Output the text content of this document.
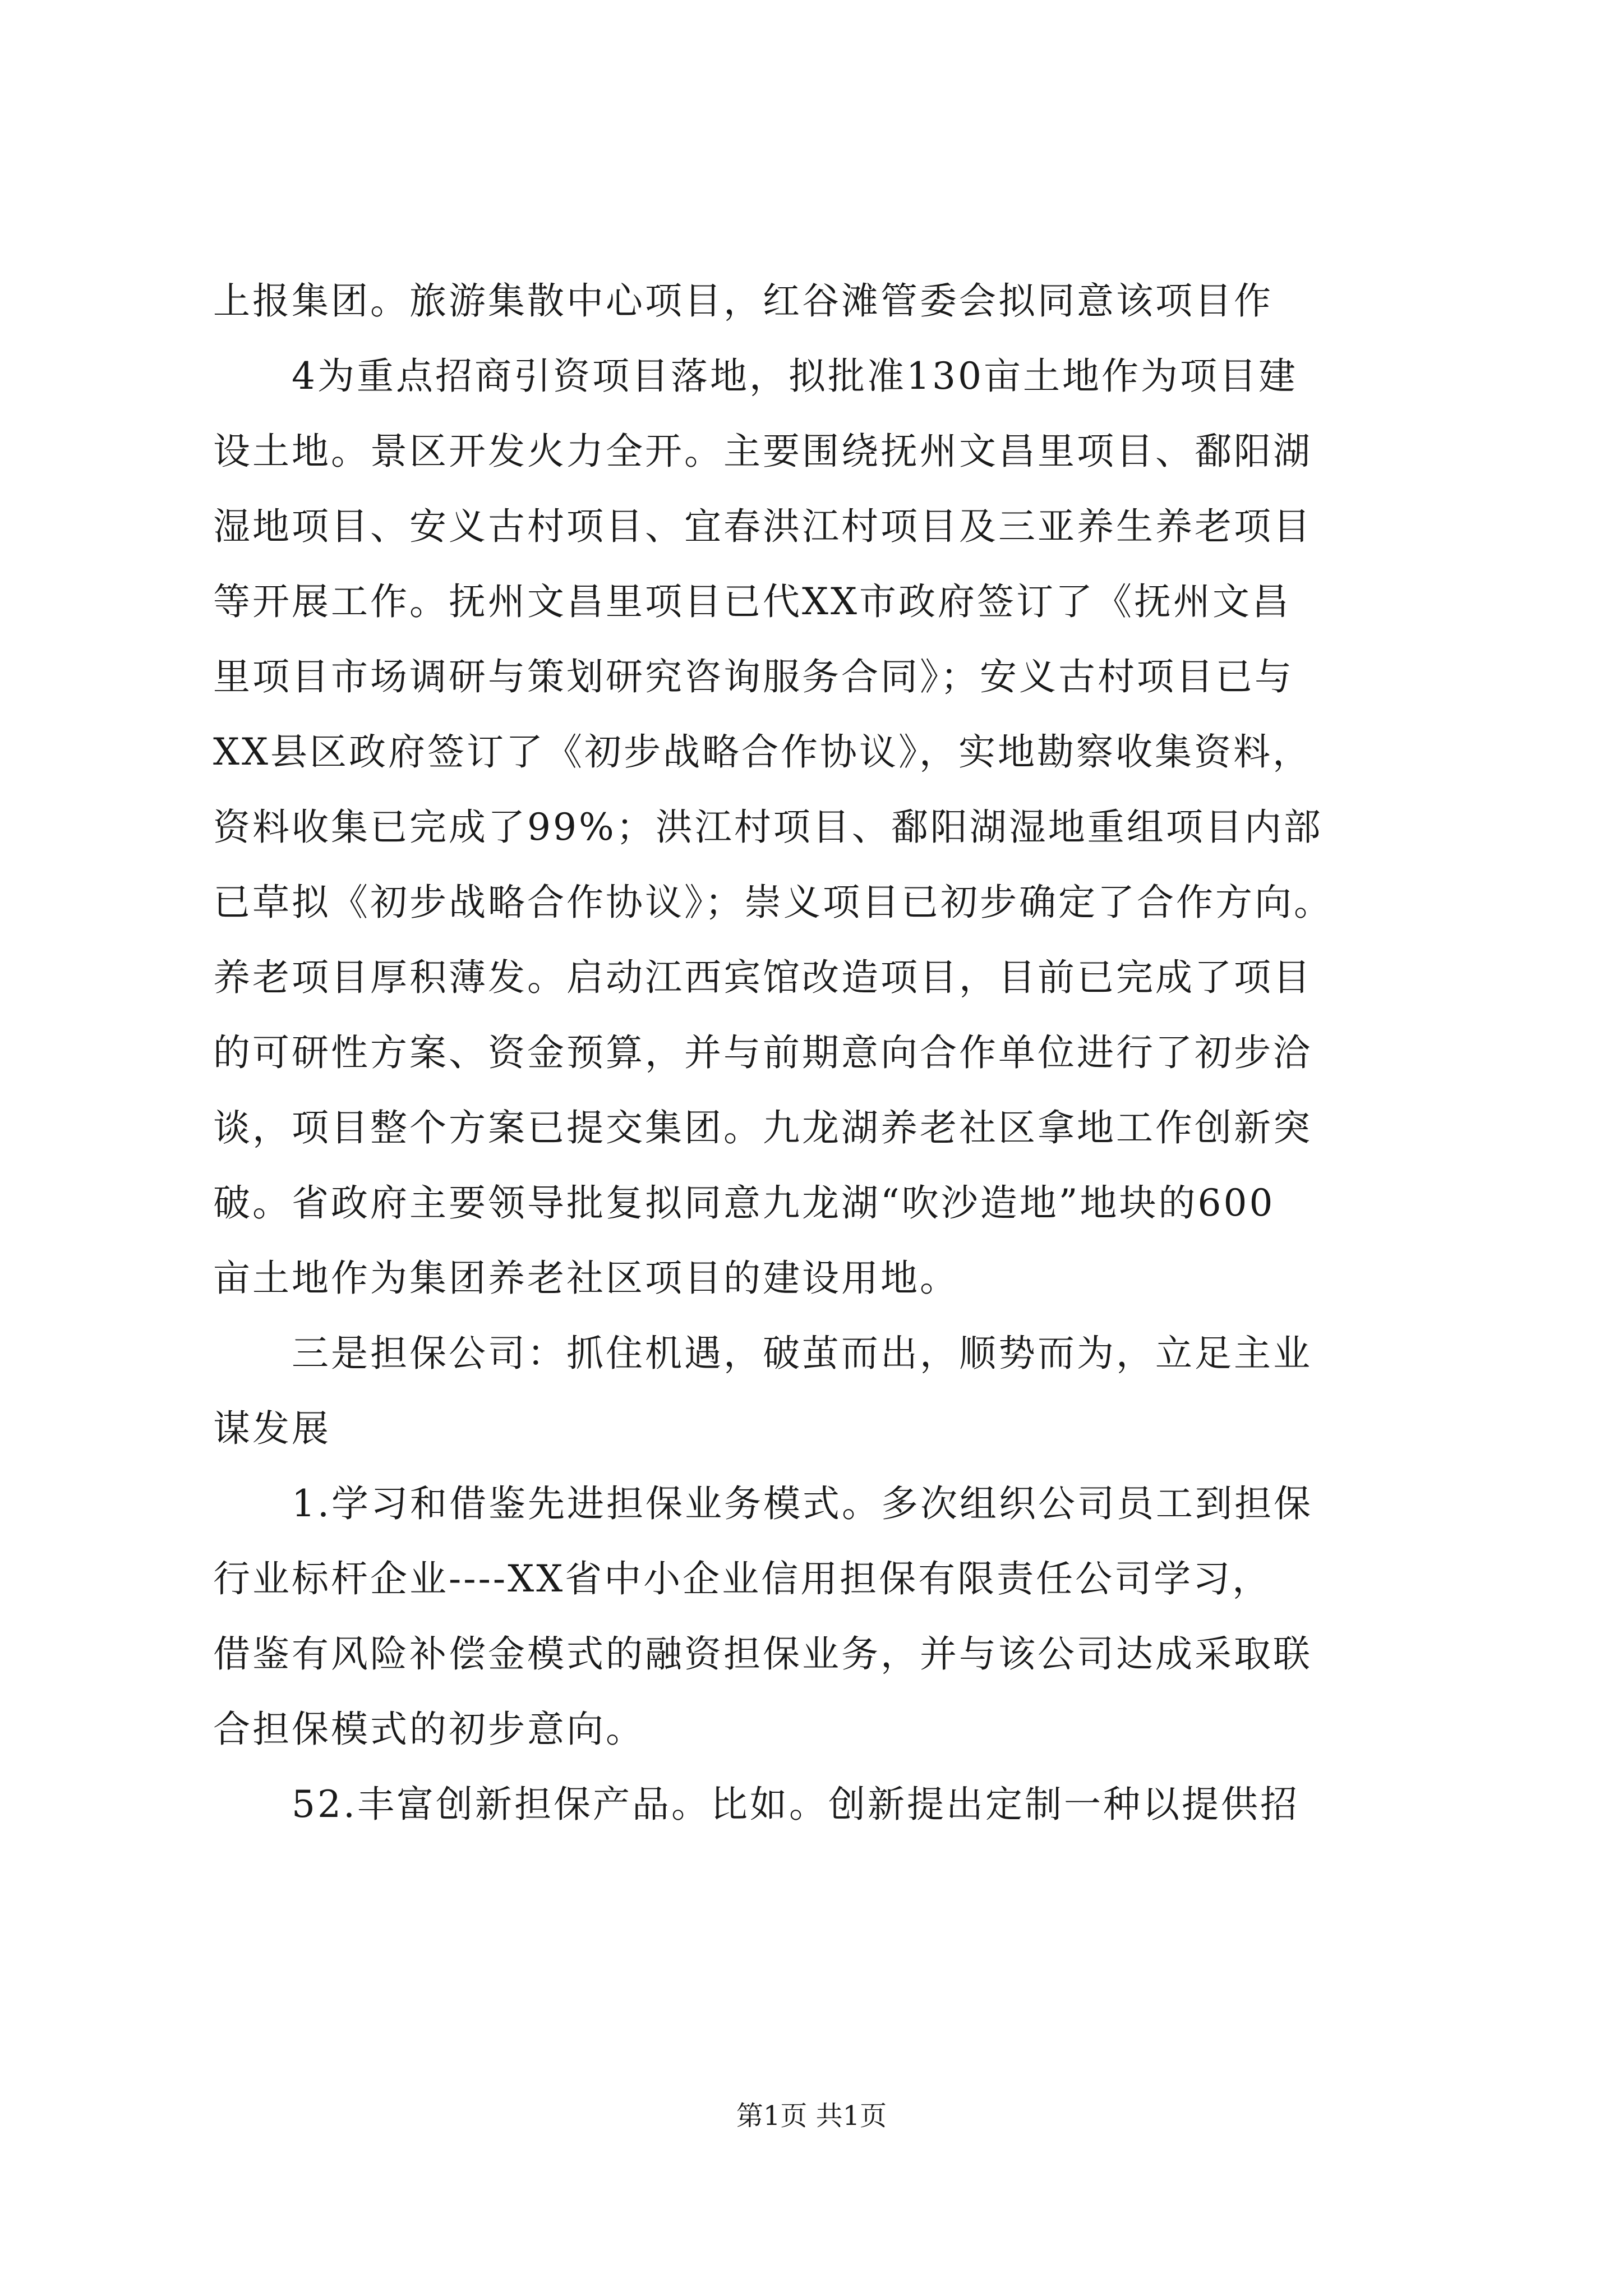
上报集团。旅游集散中心项目，红谷滩管委会拟同意该项目作
　　4为重点招商引资项目落地，拟批准130亩土地作为项目建
设土地。景区开发火力全开。主要围绕抚州文昌里项目、鄱阳湖
湿地项目、安义古村项目、宜春洪江村项目及三亚养生养老项目
等开展工作。抚州文昌里项目已代XX市政府签订了《抚州文昌
里项目市场调研与策划研究咨询服务合同》；安义古村项目已与
XX县区政府签订了《初步战略合作协议》，实地勘察收集资料，
资料收集已完成了99%；洪江村项目、鄱阳湖湿地重组项目内部
已草拟《初步战略合作协议》；崇义项目已初步确定了合作方向。
养老项目厚积薄发。启动江西宾馆改造项目，目前已完成了项目
的可研性方案、资金预算，并与前期意向合作单位进行了初步洽
谈，项目整个方案已提交集团。九龙湖养老社区拿地工作创新突
破。省政府主要领导批复拟同意九龙湖“吹沙造地”地块的600
亩土地作为集团养老社区项目的建设用地。
　　三是担保公司：抓住机遇，破茧而出，顺势而为，立足主业
谋发展
　　1.学习和借鉴先进担保业务模式。多次组织公司员工到担保
行业标杆企业----XX省中小企业信用担保有限责任公司学习，
借鉴有风险补偿金模式的融资担保业务，并与该公司达成采取联
合担保模式的初步意向。
　　52.丰富创新担保产品。比如。创新提出定制一种以提供招
第1页 共1页
